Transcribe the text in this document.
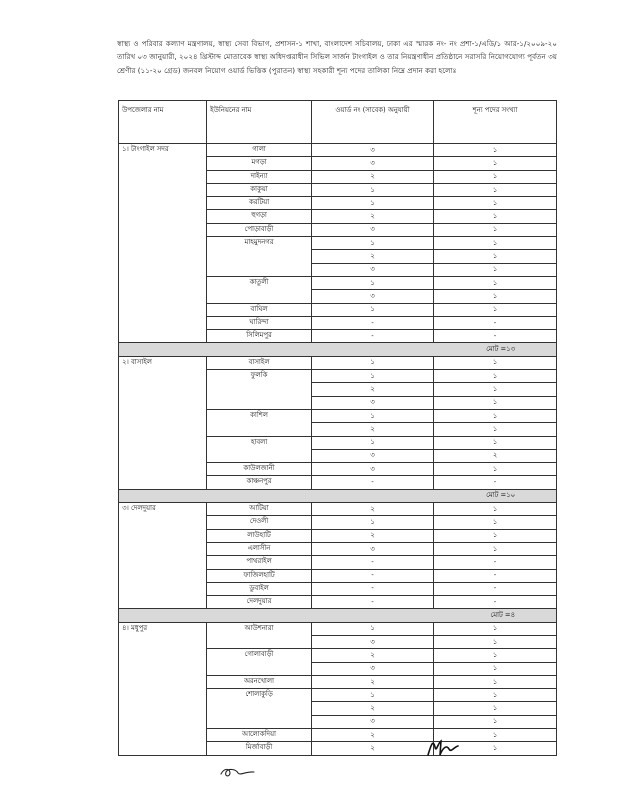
স্বাস্থ্য ও পরিবার কল্যাণ মন্ত্রণালয়, স্বাস্থ্য সেবা বিভাগ, প্রশাসন-১ শাখা, বাংলাদেশ সচিবালয়, ঢাকা এর স্মারক নং- নং প্রশা-১/এডি/১ আর-১/২০০৯-২০ তারিখ ০৩ জানুয়ারী, ২০২৪ খ্রিস্টাব্দ মোতাবেক স্বাস্থ্য অধিদপ্তরাধীন সিভিল সার্জন টাংগাইল ও তার নিয়ন্ত্রণাধীন প্রতিষ্ঠানে সরাসরি নিয়োগযোগ্য পূর্বতন ৩য় শ্রেণীর (১১-২০ গ্রেড) জনবল নিয়োগ ওয়ার্ড ভিত্তিক (পুরাতন) স্বাস্থ্য সহকারী শূন্য পদের তালিকা নিম্নে প্রদান করা হলোঃ
উপজেলার নাম	ইউনিয়নের নাম	ওয়ার্ড নং (সাবেক) অনুযায়ী	শূন্য পদের সংখ্যা
১। টাংগাইল সদর	গালা	৩	১
	মগড়া	৩	১
	দাইন্যা	২	১
	কাকুয়া	১	১
	করটিয়া	১	১
	হুগড়া	২	১
	পোড়াবাড়ী	৩	১
	মাহমুদনগর	১	১
		২	১
		৩	১
	কাতুলী	১	১
		৩	১
	বাঘিল	১	১
	ঘারিন্দা	-	-
	সিলিমপুর	-	-

মোট =১৩			

২। বাসাইল	বাসাইল	১	১
	ফুলকি	১	১
		২	১
		৩	১
	কাশিল	১	১
		২	১
	হাবলা	১	১
		৩	২
	কাউলজানী	৩	১
	কাঞ্চনপুর	-	-

মোট =১০			

৩। দেলদুয়ার	আটিয়া	২	১
	দেওলী	১	১
	লাউহাটি	২	১
	এলাসীন	৩	১
	পাথরাইল	-	-
	ফাজিলহাটি	-	-
	ডুবাইল	-	-
	দেলদুয়ার	-	-

মোট =৪			

৪। মধুপুর	আউশনারা	১	১
		৩	১
	গোলাবাড়ী	২	১
		৩	১
	অরনখোলা	২	১
	শোলাকুড়ি	১	১
		২	১
		৩	১
	আলোকদিয়া	২	১
	মির্জাবাড়ী	২	১
